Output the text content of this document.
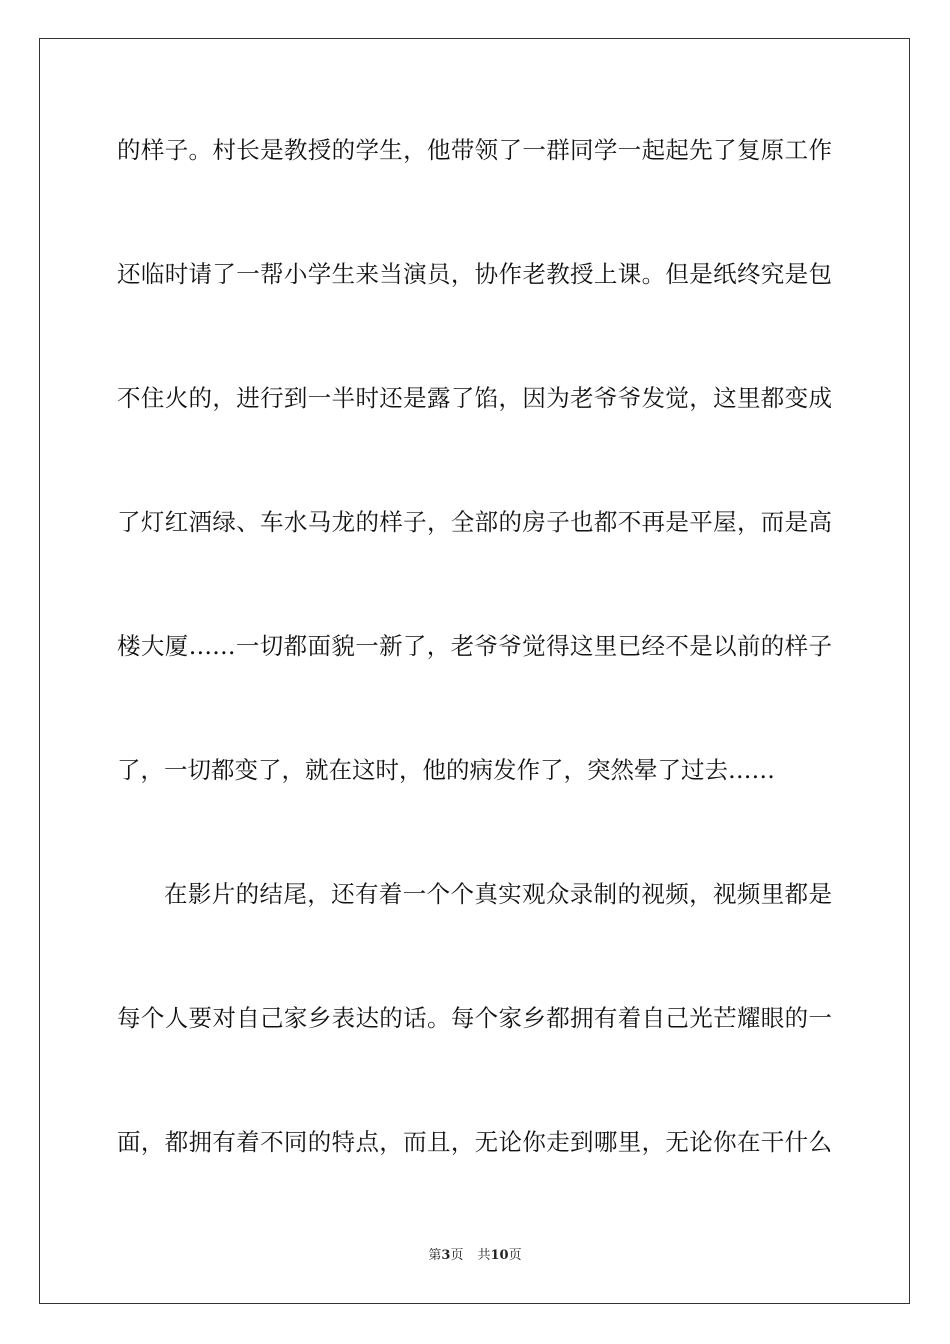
的样子。村长是教授的学生，他带领了一群同学一起起先了复原工作

还临时请了一帮小学生来当演员，协作老教授上课。但是纸终究是包

不住火的，进行到一半时还是露了馅，因为老爷爷发觉，这里都变成

了灯红酒绿、车水马龙的样子，全部的房子也都不再是平屋，而是高

楼大厦……一切都面貌一新了，老爷爷觉得这里已经不是以前的样子

了，一切都变了，就在这时，他的病发作了，突然晕了过去……

在影片的结尾，还有着一个个真实观众录制的视频，视频里都是

每个人要对自己家乡表达的话。每个家乡都拥有着自己光芒耀眼的一

面，都拥有着不同的特点，而且，无论你走到哪里，无论你在干什么

第3页 共10页
